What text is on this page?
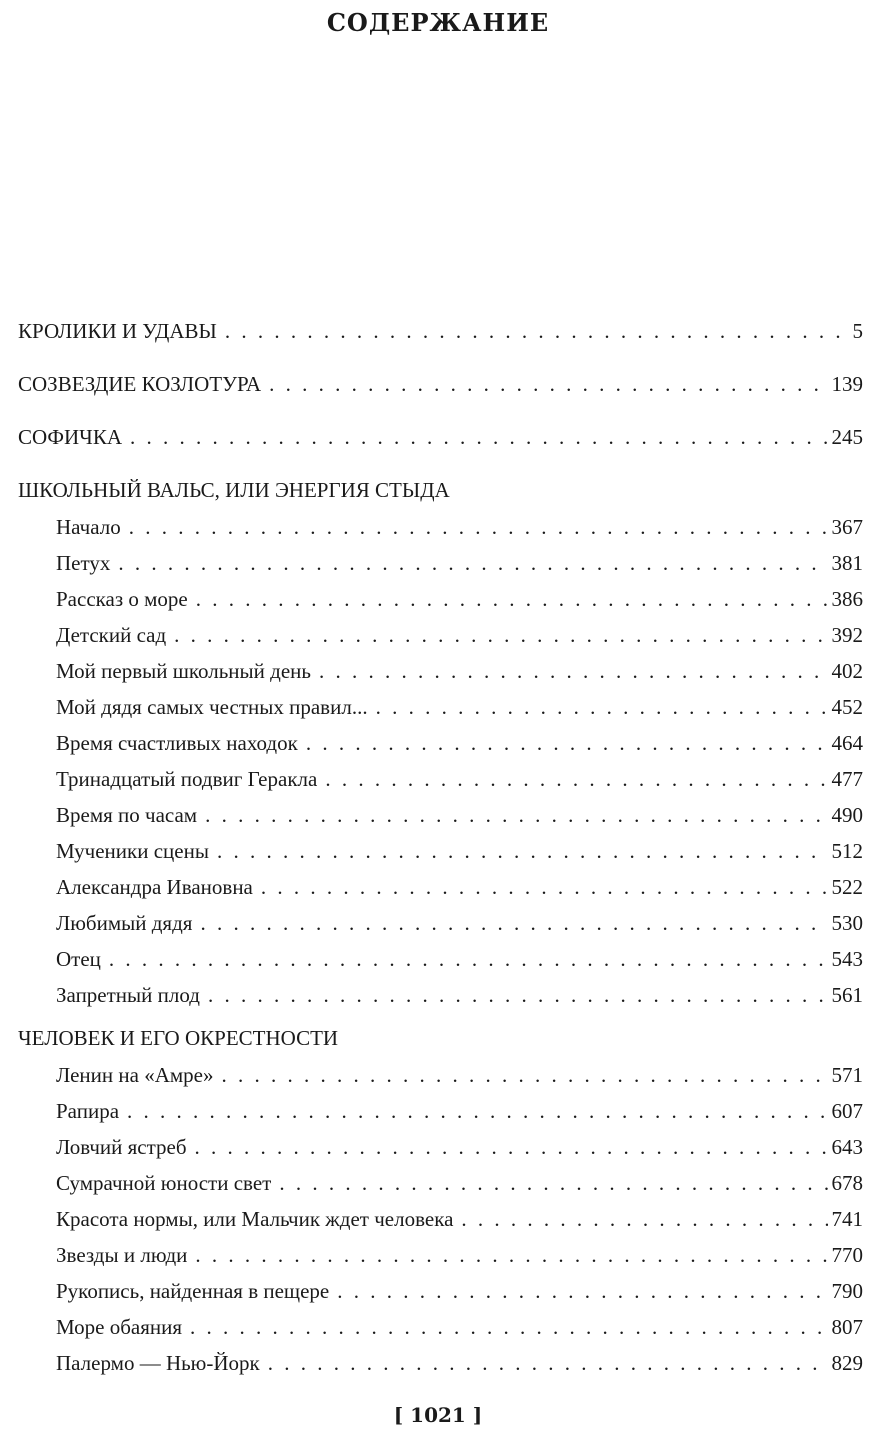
СОДЕРЖАНИЕ
КРОЛИКИ И УДАВЫ . . .	5
СОЗВЕЗДИЕ КОЗЛОТУРА . . .	139
СОФИЧКА . . .	245
ШКОЛЬНЫЙ ВАЛЬС, ИЛИ ЭНЕРГИЯ СТЫДА
Начало . . .	367
Петух . . .	381
Рассказ о море . . .	386
Детский сад . . .	392
Мой первый школьный день . . .	402
Мой дядя самых честных правил... . . .	452
Время счастливых находок . . .	464
Тринадцатый подвиг Геракла . . .	477
Время по часам . . .	490
Мученики сцены . . .	512
Александра Ивановна . . .	522
Любимый дядя . . .	530
Отец . . .	543
Запретный плод . . .	561
ЧЕЛОВЕК И ЕГО ОКРЕСТНОСТИ
Ленин на «Амре» . . .	571
Рапира . . .	607
Ловчий ястреб . . .	643
Сумрачной юности свет . . .	678
Красота нормы, или Мальчик ждет человека . . .	741
Звезды и люди . . .	770
Рукопись, найденная в пещере . . .	790
Море обаяния . . .	807
Палермо — Нью-Йорк . . .	829
[ 1021 ]
